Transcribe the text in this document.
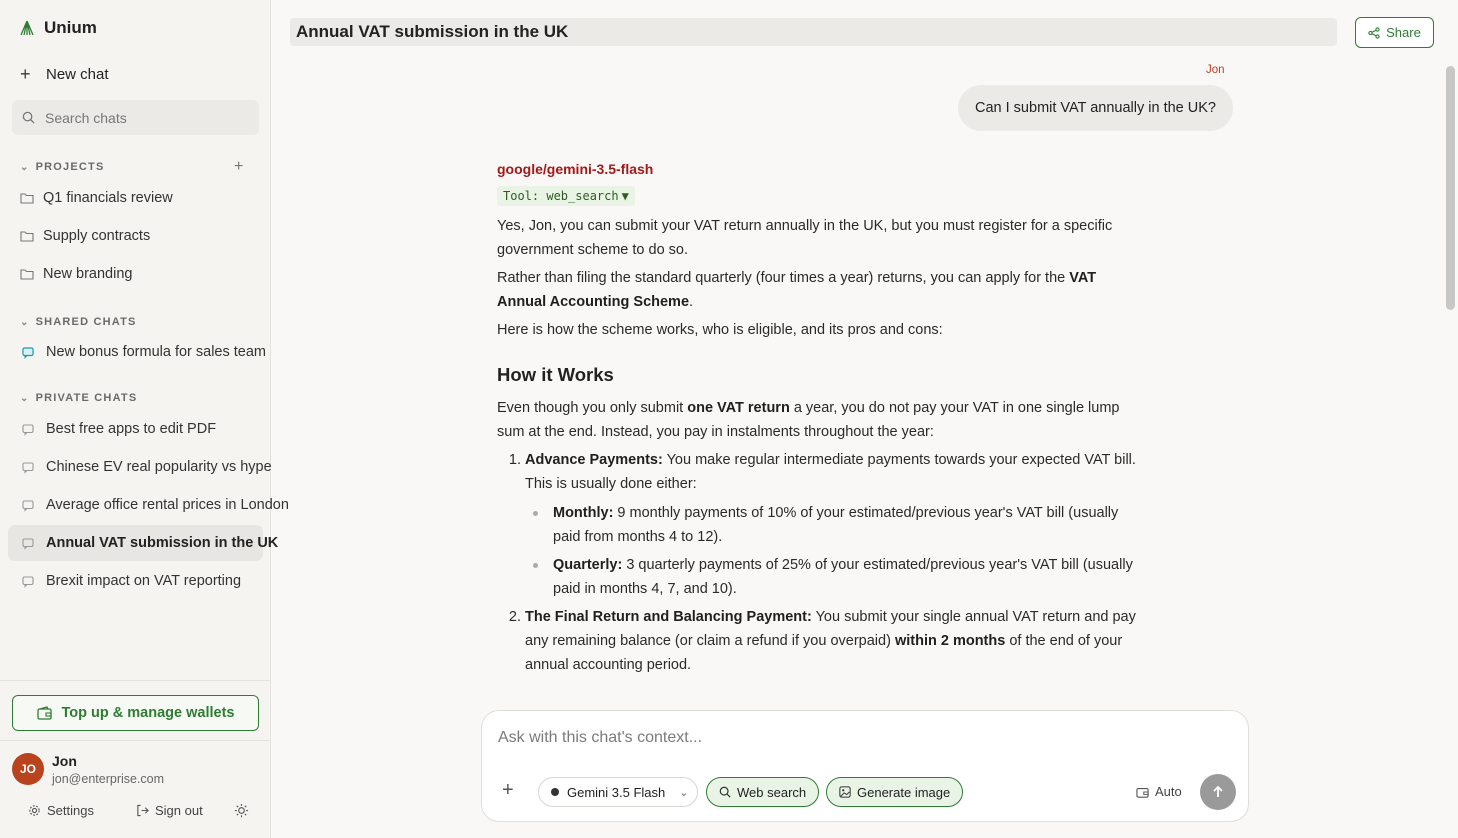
Unium
+ New chat
Search chats
⌄ PROJECTS	+
Q1 financials review
Supply contracts
New branding
⌄ SHARED CHATS
New bonus formula for sales team
⌄ PRIVATE CHATS
Best free apps to edit PDF
Chinese EV real popularity vs hype
Average office rental prices in London
Annual VAT submission in the UK
Brexit impact on VAT reporting
Top up & manage wallets
JO	Jon
jon@enterprise.com
Settings	Sign out
Annual VAT submission in the UK	Share
Jon
Can I submit VAT annually in the UK?
google/gemini-3.5-flash
Tool: web_search ▼

Yes, Jon, you can submit your VAT return annually in the UK, but you must register for a specific government scheme to do so.

Rather than filing the standard quarterly (four times a year) returns, you can apply for the VAT Annual Accounting Scheme.

Here is how the scheme works, who is eligible, and its pros and cons:

How it Works

Even though you only submit one VAT return a year, you do not pay your VAT in one single lump sum at the end. Instead, you pay in instalments throughout the year:

1. Advance Payments: You make regular intermediate payments towards your expected VAT bill. This is usually done either:
Monthly: 9 monthly payments of 10% of your estimated/previous year's VAT bill (usually paid from months 4 to 12).
Quarterly: 3 quarterly payments of 25% of your estimated/previous year's VAT bill (usually paid in months 4, 7, and 10).
2. The Final Return and Balancing Payment: You submit your single annual VAT return and pay any remaining balance (or claim a refund if you overpaid) within 2 months of the end of your annual accounting period.
Ask with this chat's context...
+	Gemini 3.5 Flash ⌄	Web search	Generate image	Auto
